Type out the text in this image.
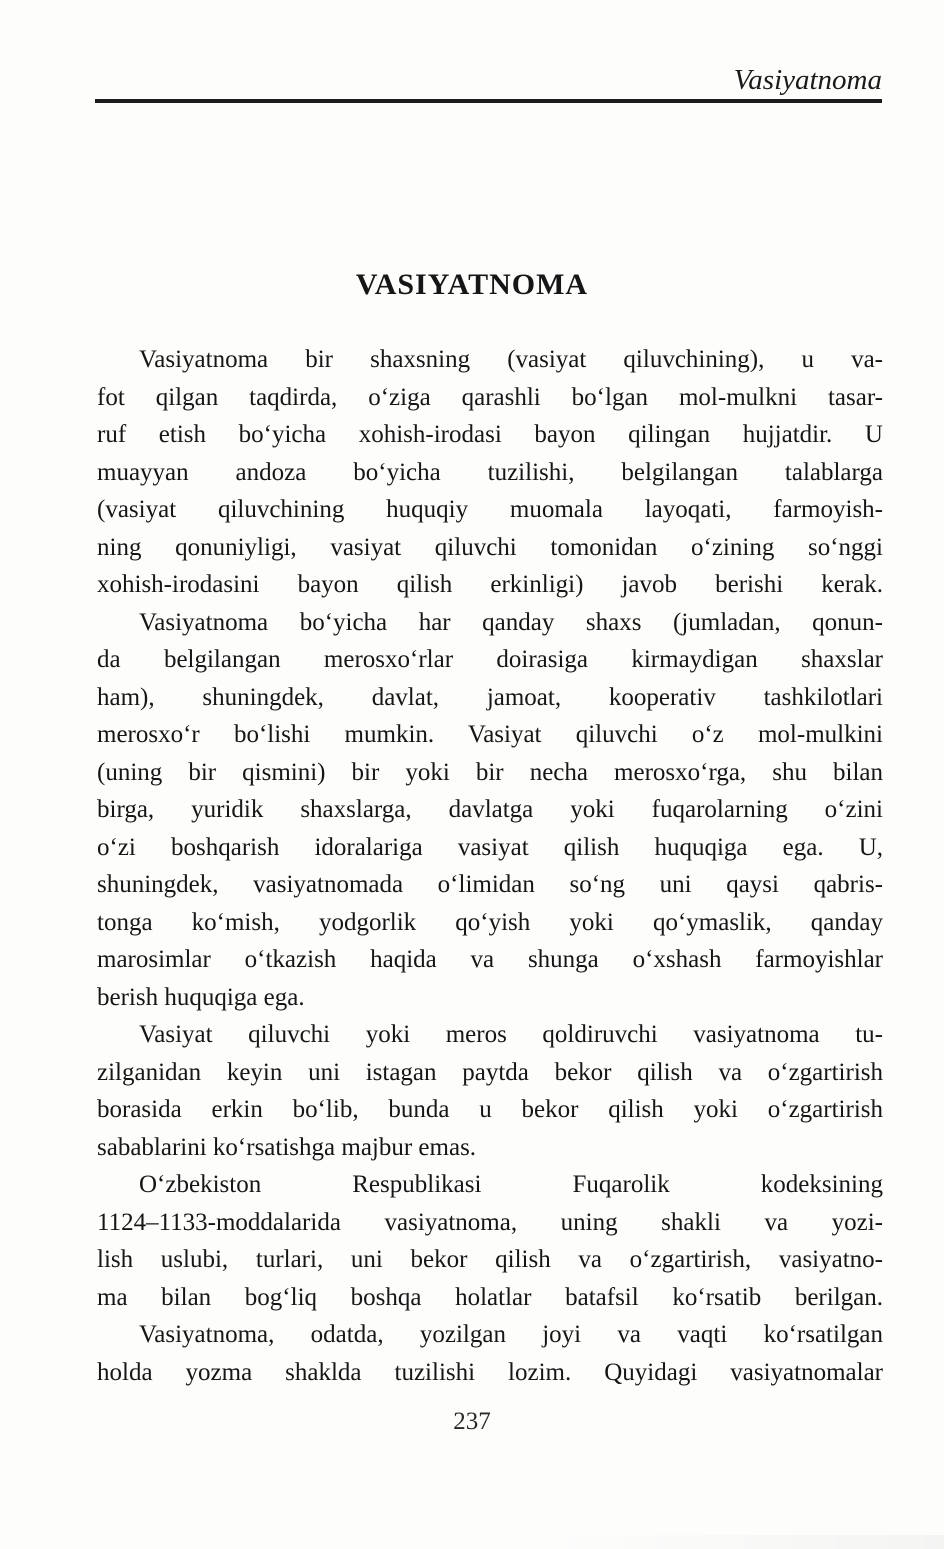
Vasiyatnoma
VASIYATNOMA

Vasiyatnoma bir shaxsning (vasiyat qiluvchining), u va-
fot qilgan taqdirda, o‘ziga qarashli bo‘lgan mol-mulkni tasar-
ruf etish bo‘yicha xohish-irodasi bayon qilingan hujjatdir. U
muayyan andoza bo‘yicha tuzilishi, belgilangan talablarga
(vasiyat qiluvchining huquqiy muomala layoqati, farmoyish-
ning qonuniyligi, vasiyat qiluvchi tomonidan o‘zining so‘nggi
xohish-irodasini bayon qilish erkinligi) javob berishi kerak.

Vasiyatnoma bo‘yicha har qanday shaxs (jumladan, qonun-
da belgilangan merosxo‘rlar doirasiga kirmaydigan shaxslar
ham), shuningdek, davlat, jamoat, kooperativ tashkilotlari
merosxo‘r bo‘lishi mumkin. Vasiyat qiluvchi o‘z mol-mulkini
(uning bir qismini) bir yoki bir necha merosxo‘rga, shu bilan
birga, yuridik shaxslarga, davlatga yoki fuqarolarning o‘zini
o‘zi boshqarish idoralariga vasiyat qilish huquqiga ega. U,
shuningdek, vasiyatnomada o‘limidan so‘ng uni qaysi qabris-
tonga ko‘mish, yodgorlik qo‘yish yoki qo‘ymaslik, qanday
marosimlar o‘tkazish haqida va shunga o‘xshash farmoyishlar
berish huquqiga ega.

Vasiyat qiluvchi yoki meros qoldiruvchi vasiyatnoma tu-
zilganidan keyin uni istagan paytda bekor qilish va o‘zgartirish
borasida erkin bo‘lib, bunda u bekor qilish yoki o‘zgartirish
sabablarini ko‘rsatishga majbur emas.

O‘zbekiston Respublikasi Fuqarolik kodeksining
1124–1133-moddalarida vasiyatnoma, uning shakli va yozi-
lish uslubi, turlari, uni bekor qilish va o‘zgartirish, vasiyatno-
ma bilan bog‘liq boshqa holatlar batafsil ko‘rsatib berilgan.

Vasiyatnoma, odatda, yozilgan joyi va vaqti ko‘rsatilgan
holda yozma shaklda tuzilishi lozim. Quyidagi vasiyatnomalar

237
